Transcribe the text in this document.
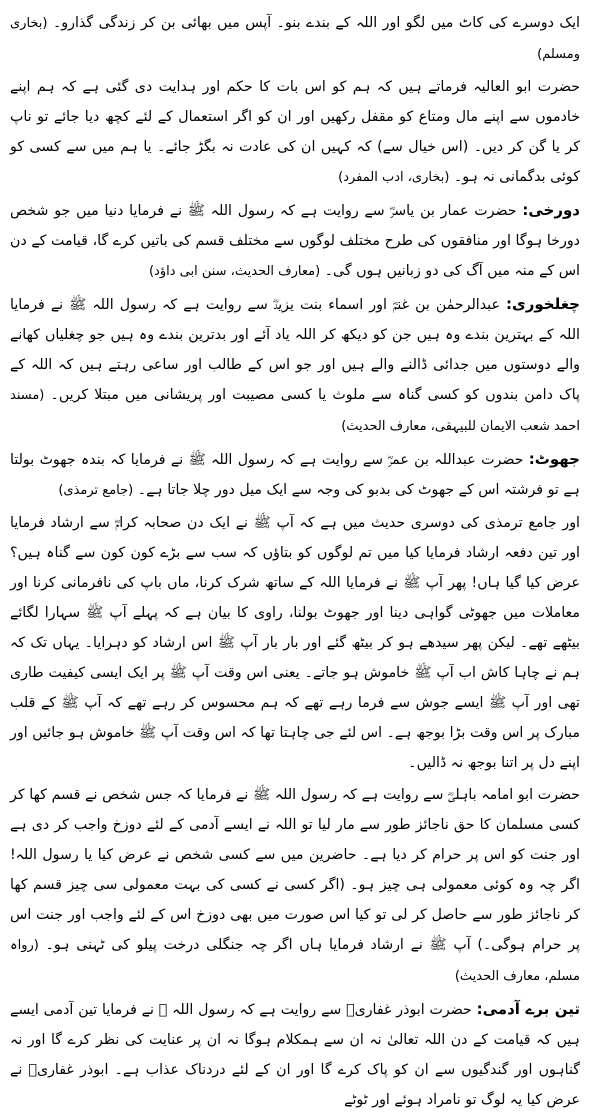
ایک دوسرے کی کاٹ میں لگو اور اللہ کے بندے بنو۔ آپس میں بھائی بن کر زندگی گذارو۔ (بخاری ومسلم)

حضرت ابو العالیہ فرماتے ہیں کہ ہم کو اس بات کا حکم اور ہدایت دی گئی ہے کہ ہم اپنے خادموں سے اپنے مال ومتاع کو مقفل رکھیں اور ان کو اگر استعمال کے لئے کچھ دیا جائے تو ناپ کر یا گن کر دیں۔ (اس خیال سے) کہ کہیں ان کی عادت نہ بگڑ جائے۔ یا ہم میں سے کسی کو کوئی بدگمانی نہ ہو۔ (بخاری، ادب المفرد)

دورخی: حضرت عمار بن یاسرؓ سے روایت ہے کہ رسول اللہ ﷺ نے فرمایا دنیا میں جو شخص دورخا ہوگا اور منافقوں کی طرح مختلف لوگوں سے مختلف قسم کی باتیں کرے گا، قیامت کے دن اس کے منہ میں آگ کی دو زبانیں ہوں گی۔ (معارف الحدیث، سنن ابی داؤد)

چغلخوری: عبدالرحمٰن بن غنمؓ اور اسماء بنت یزیدؓ سے روایت ہے کہ رسول اللہ ﷺ نے فرمایا اللہ کے بہترین بندے وہ ہیں جن کو دیکھ کر اللہ یاد آئے اور بدترین بندے وہ ہیں جو چغلیاں کھانے والے دوستوں میں جدائی ڈالنے والے ہیں اور جو اس کے طالب اور ساعی رہتے ہیں کہ اللہ کے پاک دامن بندوں کو کسی گناہ سے ملوث یا کسی مصیبت اور پریشانی میں مبتلا کریں۔ (مسند احمد شعب الایمان للبیہقی، معارف الحدیث)

جھوٹ: حضرت عبداللہ بن عمرؓ سے روایت ہے کہ رسول اللہ ﷺ نے فرمایا کہ بندہ جھوٹ بولتا ہے تو فرشتہ اس کے جھوٹ کی بدبو کی وجہ سے ایک میل دور چلا جاتا ہے۔ (جامع ترمذی)

اور جامع ترمذی کی دوسری حدیث میں ہے کہ آپ ﷺ نے ایک دن صحابہ کرامؓ سے ارشاد فرمایا اور تین دفعہ ارشاد فرمایا کیا میں تم لوگوں کو بتاؤں کہ سب سے بڑے کون کون سے گناہ ہیں؟ عرض کیا گیا ہاں! پھر آپ ﷺ نے فرمایا اللہ کے ساتھ شرک کرنا، ماں باپ کی نافرمانی کرنا اور معاملات میں جھوٹی گواہی دینا اور جھوٹ بولنا، راوی کا بیان ہے کہ پہلے آپ ﷺ سہارا لگائے بیٹھے تھے۔ لیکن پھر سیدھے ہو کر بیٹھ گئے اور بار بار آپ ﷺ اس ارشاد کو دہرایا۔ یہاں تک کہ ہم نے چاہا کاش اب آپ ﷺ خاموش ہو جاتے۔ یعنی اس وقت آپ ﷺ پر ایک ایسی کیفیت طاری تھی اور آپ ﷺ ایسے جوش سے فرما رہے تھے کہ ہم محسوس کر رہے تھے کہ آپ ﷺ کے قلب مبارک پر اس وقت بڑا بوجھ ہے۔ اس لئے جی چاہتا تھا کہ اس وقت آپ ﷺ خاموش ہو جائیں اور اپنے دل پر اتنا بوجھ نہ ڈالیں۔

حضرت ابو امامہ باہلیؓ سے روایت ہے کہ رسول اللہ ﷺ نے فرمایا کہ جس شخص نے قسم کھا کر کسی مسلمان کا حق ناجائز طور سے مار لیا تو اللہ نے ایسے آدمی کے لئے دوزخ واجب کر دی ہے اور جنت کو اس پر حرام کر دیا ہے۔ حاضرین میں سے کسی شخص نے عرض کیا یا رسول اللہ! اگر چہ وہ کوئی معمولی ہی چیز ہو۔ (اگر کسی نے کسی کی بہت معمولی سی چیز قسم کھا کر ناجائز طور سے حاصل کر لی تو کیا اس صورت میں بھی دوزخ اس کے لئے واجب اور جنت اس پر حرام ہوگی۔) آپ ﷺ نے ارشاد فرمایا ہاں اگر چہ جنگلی درخت پیلو کی ٹہنی ہو۔ (رواہ مسلم، معارف الحدیث)

تین برے آدمی: حضرت ابوذر غفاریؓ سے روایت ہے کہ رسول اللہ ﷺ نے فرمایا تین آدمی ایسے ہیں کہ قیامت کے دن اللہ تعالیٰ نہ ان سے ہمکلام ہوگا نہ ان پر عنایت کی نظر کرے گا اور نہ گناہوں اور گندگیوں سے ان کو پاک کرے گا اور ان کے لئے دردناک عذاب ہے۔ ابوذر غفاریؓ نے عرض کیا یہ لوگ تو نامراد ہوئے اور ٹوٹے
